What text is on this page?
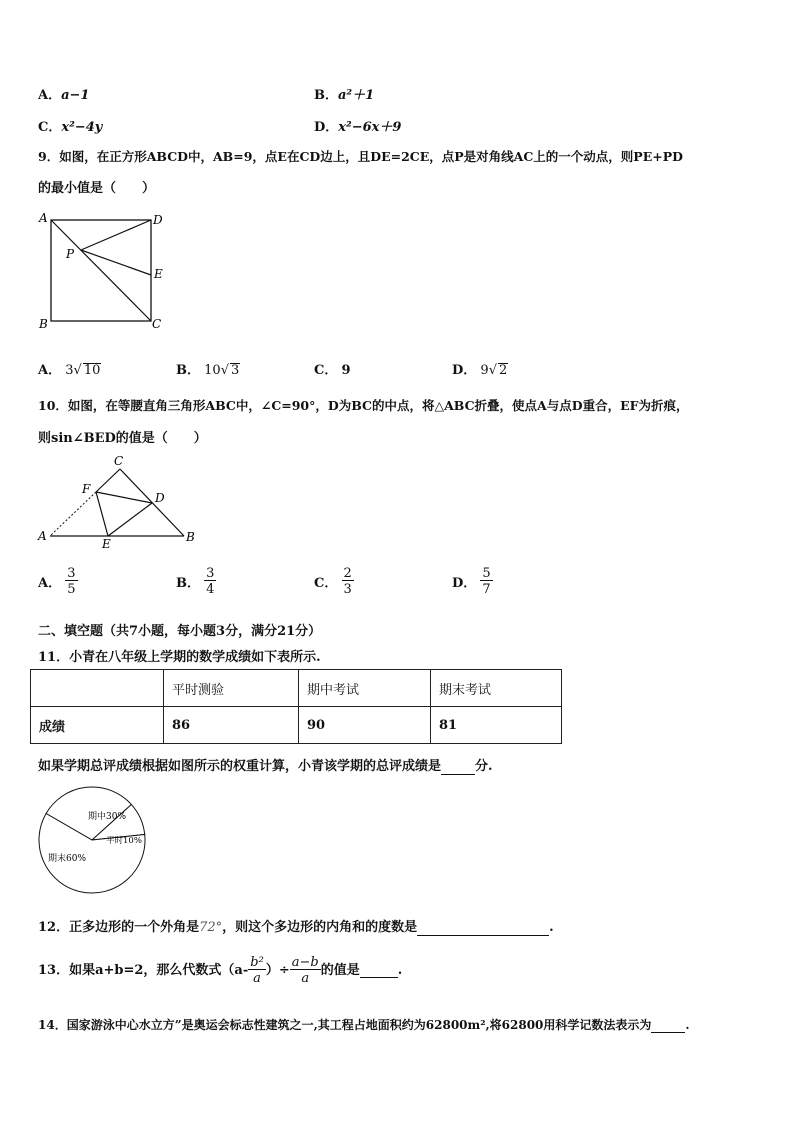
A．a−1	B．a²＋1
C．x²−4y	D．x²−6x＋9
9．如图，在正方形ABCD中，AB=9，点E在CD边上，且DE=2CE，点P是对角线AC上的一个动点，则PE+PD
的最小值是（　　）
A	D
P
E
B	C
A． 3√ 10	B． 10√ 3	C． 9	D． 9√ 2
10．如图，在等腰直角三角形ABC中，∠C=90°，D为BC的中点，将△ABC折叠，使点A与点D重合，EF为折痕，
则sin∠BED的值是（　　）
C
F
D
A
E	B
A． $\frac{3}{5}$	B． $\frac{3}{4}$	C． $\frac{2}{3}$	D． $\frac{5}{7}$
二、填空题（共7小题，每小题3分，满分21分）
11．小青在八年级上学期的数学成绩如下表所示.
	平时测验	期中考试	期末考试
成绩	86	90	81
如果学期总评成绩根据如图所示的权重计算，小青该学期的总评成绩是	分.
期中30%
平时10%
期末60%
12．正多边形的一个外角是72°，则这个多边形的内角和的度数是	.
13．如果a+b=2，那么代数式（$a- \frac{\text{b²}}{a}$ ）÷ $\frac{a-b}{a}$ 的值是	.
14．国家游泳中心水立方”是奥运会标志性建筑之一,其工程占地面积约为62800m²,将62800用科学记数法表示为	.
